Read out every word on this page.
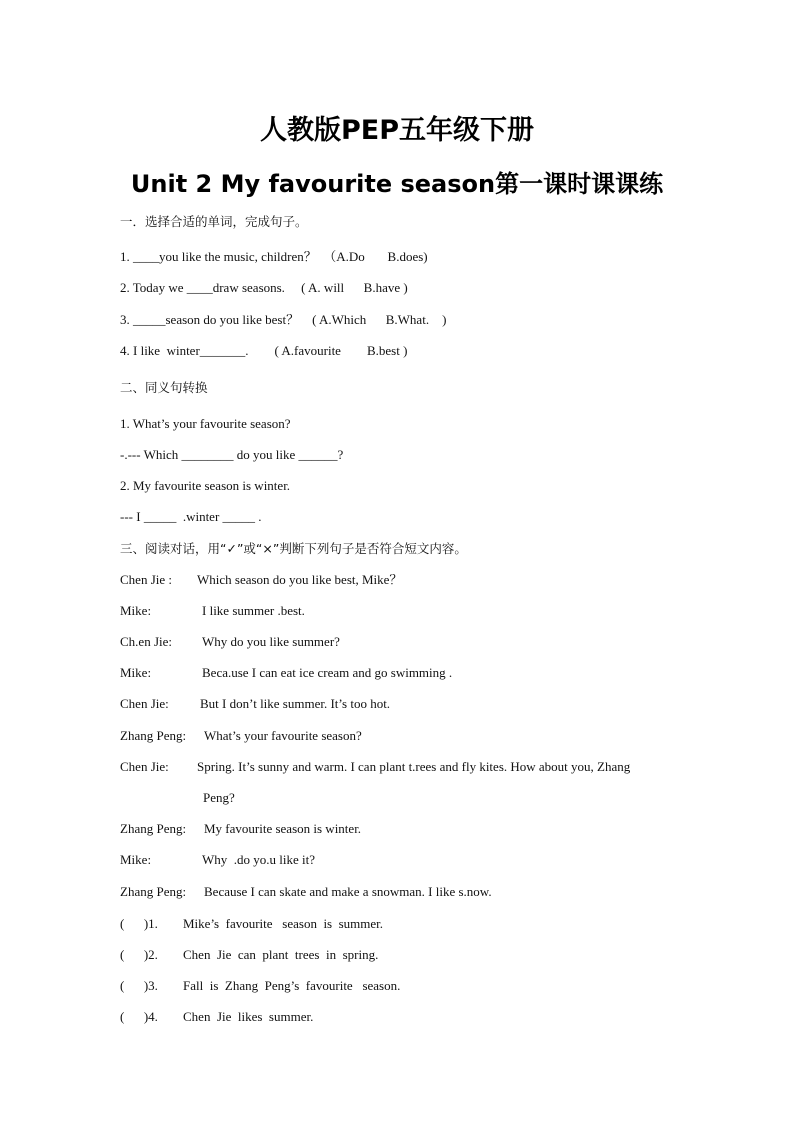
人教版PEP五年级下册
Unit 2 My favourite season第一课时课课练
一．选择合适的单词，完成句子。
1. ____you like the music, children？  （A.Do       B.does)
2. Today we ____draw seasons.     ( A. will      B.have )
3. _____season do you like best？    ( A.Which      B.What.    )
4. I like  winter_______.        ( A.favourite        B.best )
二、同义句转换
1. What’s your favourite season?
-.--- Which ________ do you like ______?
2. My favourite season is winter.
--- I _____  .winter _____ .
三、阅读对话，用“✓”或“×”判断下列句子是否符合短文内容。
Chen Jie : Which season do you like best, Mike？
Mike:	I like summer .best.
Ch.en Jie: Why do you like summer?
Mike:	Beca.use I can eat ice cream and go swimming .
Chen Jie: But I don’t like summer. It’s too hot.
Zhang Peng: What’s your favourite season?
Chen Jie: Spring. It’s sunny and warm. I can plant t.rees and fly kites. How about you, Zhang
Peng?
Zhang Peng: My favourite season is winter.
Mike:	Why  .do yo.u like it?
Zhang Peng: Because I can skate and make a snowman. I like s.now.
(      )1. Mike’s  favourite   season  is  summer.
(      )2. Chen  Jie  can  plant  trees  in  spring.
(      )3. Fall  is  Zhang  Peng’s  favourite   season.
(      )4. Chen  Jie  likes  summer.
